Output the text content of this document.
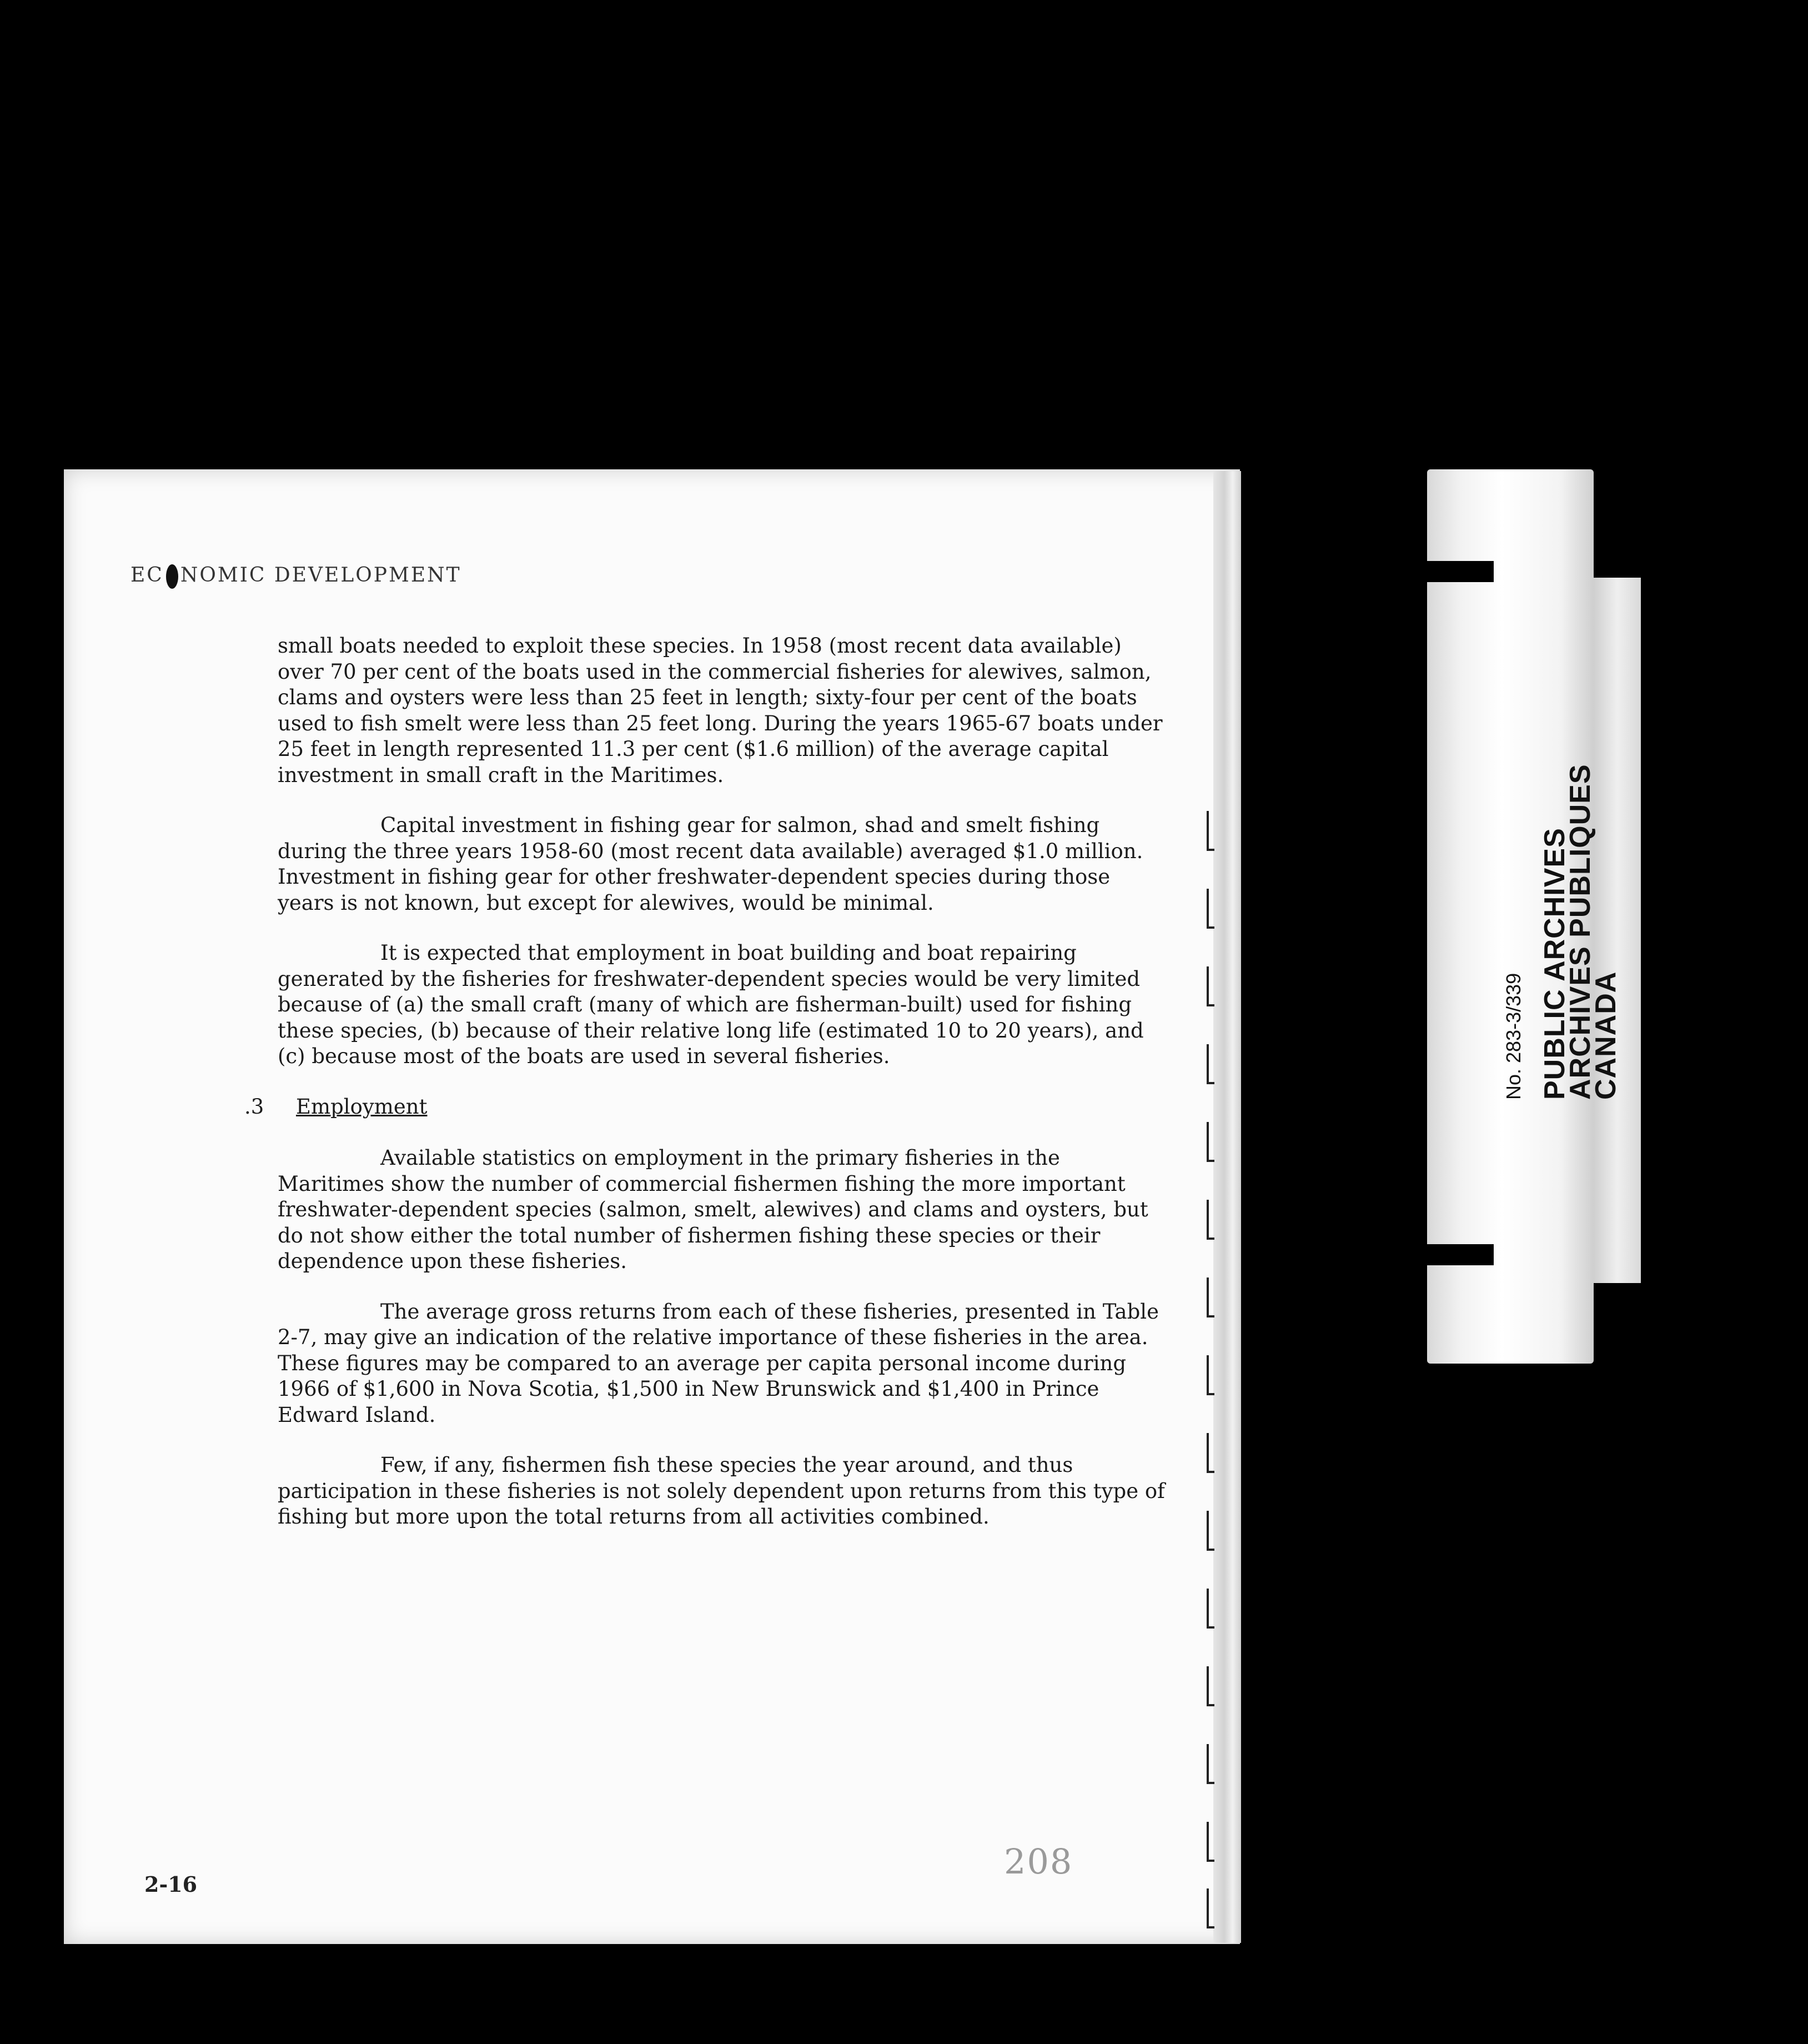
EC NOMIC DEVELOPMENT

small boats needed to exploit these species. In 1958 (most recent data available) over 70 per cent of the boats used in the commercial fisheries for alewives, salmon, clams and oysters were less than 25 feet in length; sixty-four per cent of the boats used to fish smelt were less than 25 feet long. During the years 1965-67 boats under 25 feet in length represented 11.3 per cent ($1.6 million) of the average capital investment in small craft in the Maritimes.

Capital investment in fishing gear for salmon, shad and smelt fishing during the three years 1958-60 (most recent data available) averaged $1.0 million. Investment in fishing gear for other freshwater-dependent species during those years is not known, but except for alewives, would be minimal.

It is expected that employment in boat building and boat repairing generated by the fisheries for freshwater-dependent species would be very limited because of (a) the small craft (many of which are fisherman-built) used for fishing these species, (b) because of their relative long life (estimated 10 to 20 years), and (c) because most of the boats are used in several fisheries.

.3	Employment

Available statistics on employment in the primary fisheries in the Maritimes show the number of commercial fishermen fishing the more important freshwater-dependent species (salmon, smelt, alewives) and clams and oysters, but do not show either the total number of fishermen fishing these species or their dependence upon these fisheries.

The average gross returns from each of these fisheries, presented in Table 2-7, may give an indication of the relative importance of these fisheries in the area. These figures may be compared to an average per capita personal income during 1966 of $1,600 in Nova Scotia, $1,500 in New Brunswick and $1,400 in Prince Edward Island.

Few, if any, fishermen fish these species the year around, and thus participation in these fisheries is not solely dependent upon returns from this type of fishing but more upon the total returns from all activities combined.

2-16
208
No. 283-3/339 PUBLIC ARCHIVES
ARCHIVES PUBLIQUES
CANADA
